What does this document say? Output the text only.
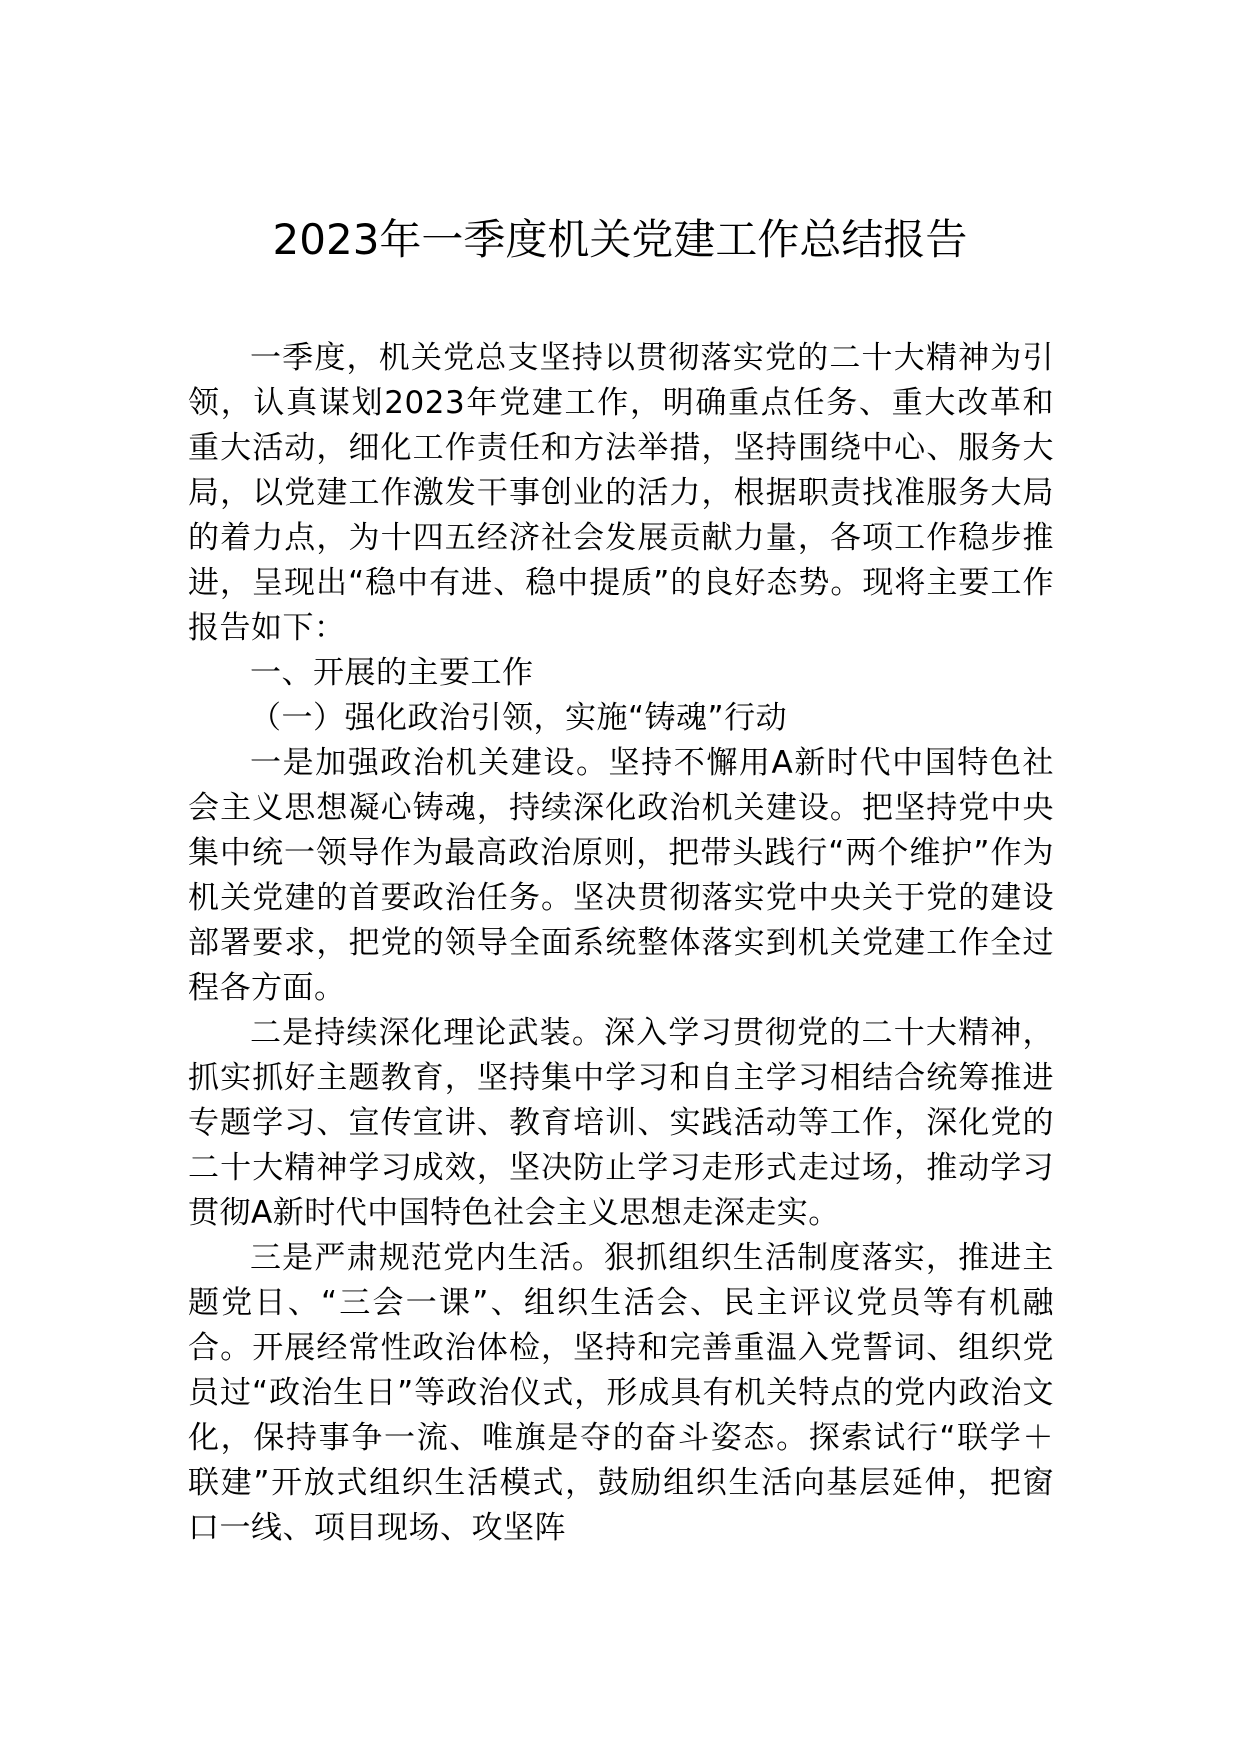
2023年一季度机关党建工作总结报告

一季度，机关党总支坚持以贯彻落实党的二十大精神为引领，认真谋划2023年党建工作，明确重点任务、重大改革和重大活动，细化工作责任和方法举措，坚持围绕中心、服务大局，以党建工作激发干事创业的活力，根据职责找准服务大局的着力点，为十四五经济社会发展贡献力量，各项工作稳步推进，呈现出“稳中有进、稳中提质”的良好态势。现将主要工作报告如下：

一、开展的主要工作

（一）强化政治引领，实施“铸魂”行动

一是加强政治机关建设。坚持不懈用A新时代中国特色社会主义思想凝心铸魂，持续深化政治机关建设。把坚持党中央集中统一领导作为最高政治原则，把带头践行“两个维护”作为机关党建的首要政治任务。坚决贯彻落实党中央关于党的建设部署要求，把党的领导全面系统整体落实到机关党建工作全过程各方面。

二是持续深化理论武装。深入学习贯彻党的二十大精神，抓实抓好主题教育，坚持集中学习和自主学习相结合统筹推进专题学习、宣传宣讲、教育培训、实践活动等工作，深化党的二十大精神学习成效，坚决防止学习走形式走过场，推动学习贯彻A新时代中国特色社会主义思想走深走实。

三是严肃规范党内生活。狠抓组织生活制度落实，推进主题党日、“三会一课”、组织生活会、民主评议党员等有机融合。开展经常性政治体检，坚持和完善重温入党誓词、组织党员过“政治生日”等政治仪式，形成具有机关特点的党内政治文化，保持事争一流、唯旗是夺的奋斗姿态。探索试行“联学＋联建”开放式组织生活模式，鼓励组织生活向基层延伸，把窗口一线、项目现场、攻坚阵
